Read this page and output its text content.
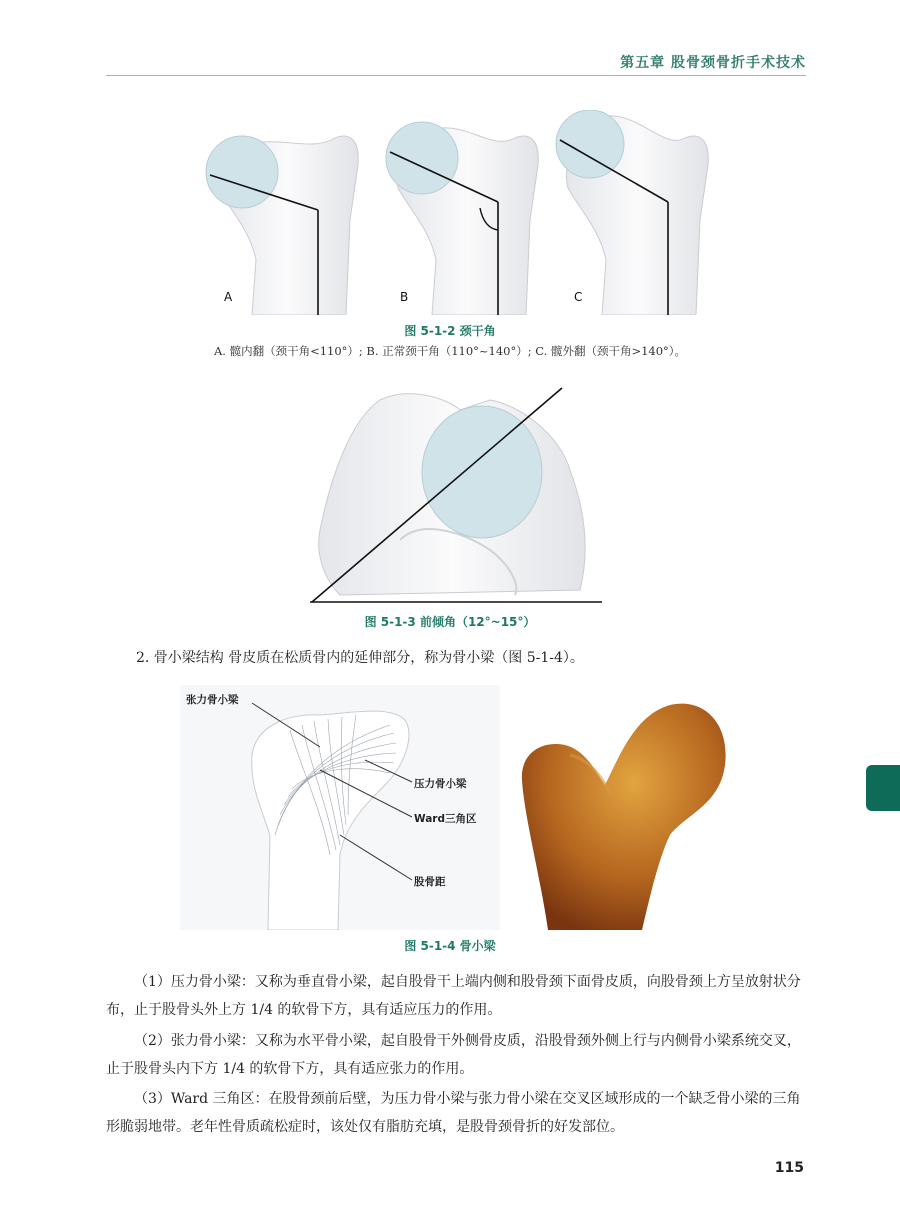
第五章 股骨颈骨折手术技术
A	B	C
图 5-1-2 颈干角
A. 髋内翻（颈干角<110°）; B. 正常颈干角（110°~140°）; C. 髋外翻（颈干角>140°）。
图 5-1-3 前倾角（12°~15°）
2. 骨小梁结构 骨皮质在松质骨内的延伸部分，称为骨小梁（图 5-1-4）。
张力骨小梁
压力骨小梁
Ward三角区
股骨距
图 5-1-4 骨小梁
（1）压力骨小梁：又称为垂直骨小梁，起自股骨干上端内侧和股骨颈下面骨皮质，向股骨颈上方呈放射状分布，止于股骨头外上方 1/4 的软骨下方，具有适应压力的作用。
（2）张力骨小梁：又称为水平骨小梁，起自股骨干外侧骨皮质，沿股骨颈外侧上行与内侧骨小梁系统交叉，止于股骨头内下方 1/4 的软骨下方，具有适应张力的作用。
（3）Ward 三角区：在股骨颈前后壁，为压力骨小梁与张力骨小梁在交叉区域形成的一个缺乏骨小梁的三角形脆弱地带。老年性骨质疏松症时，该处仅有脂肪充填，是股骨颈骨折的好发部位。
115
